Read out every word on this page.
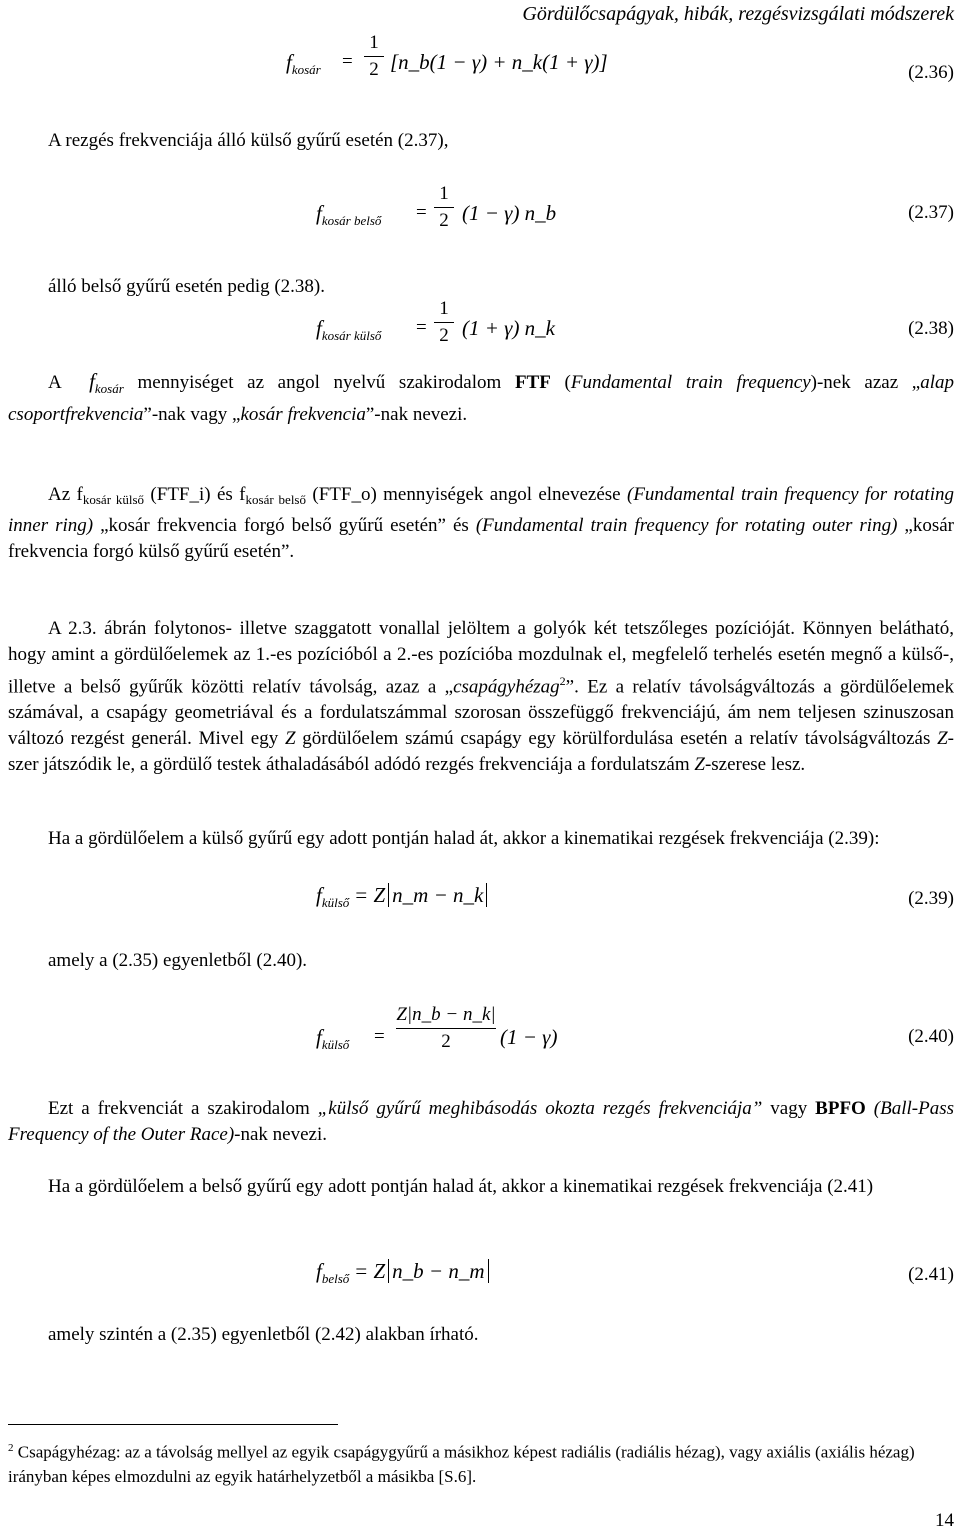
Gördülőcsapágyak, hibák, rezgésvizsgálati módszerek
$f_{kosár}$ =
1
2 [n_b(1 − γ) + n_k(1 + γ)]	(2.36)
A rezgés frekvenciája álló külső gyűrű esetén (2.37),
$f_{kosár belső}$ =
1
2 (1 − γ) n_b	(2.37)
álló belső gyűrű esetén pedig (2.38).
$f_{kosár külső}$ =
1
2 (1 + γ) n_k	(2.38)
A $f_{kosár}$ mennyiséget az angol nyelvű szakirodalom FTF (Fundamental train frequency)-nek azaz „alap csoportfrekvencia”-nak vagy „kosár frekvencia”-nak nevezi.
Az $f_{kosár külső}$ (FTF_i) és $f_{kosár belső}$ (FTF_o) mennyiségek angol elnevezése (Fundamental train frequency for rotating inner ring) „kosár frekvencia forgó belső gyűrű esetén” és (Fundamental train frequency for rotating outer ring) „kosár frekvencia forgó külső gyűrű esetén”.
A 2.3. ábrán folytonos- illetve szaggatott vonallal jelöltem a golyók két tetszőleges pozícióját. Könnyen belátható, hogy amint a gördülőelemek az 1.-es pozícióból a 2.-es pozícióba mozdulnak el, megfelelő terhelés esetén megnő a külső-, illetve a belső gyűrűk közötti relatív távolság, azaz a „csapágyhézag$^2$”. Ez a relatív távolságváltozás a gördülőelemek számával, a csapágy geometriával és a fordulatszámmal szorosan összefüggő frekvenciájú, ám nem teljesen szinuszosan változó rezgést generál. Mivel egy Z gördülőelem számú csapágy egy körülfordulása esetén a relatív távolságváltozás Z-szer játszódik le, a gördülő testek áthaladásából adódó rezgés frekvenciája a fordulatszám Z-szerese lesz.
Ha a gördülőelem a külső gyűrű egy adott pontján halad át, akkor a kinematikai rezgések frekvenciája (2.39):
$f_{külső} = Z$ n_m − n_k	(2.39)
amely a (2.35) egyenletből (2.40).
$f_{külső}$ =
Z|n_b − n_k|
2	(1 − γ)	(2.40)
Ezt a frekvenciát a szakirodalom „külső gyűrű meghibásodás okozta rezgés frekvenciája” vagy BPFO (Ball-Pass Frequency of the Outer Race)-nak nevezi.
Ha a gördülőelem a belső gyűrű egy adott pontján halad át, akkor a kinematikai rezgések frekvenciája (2.41)
$f_{belső} = Z$ n_b − n_m	(2.41)
amely szintén a (2.35) egyenletből (2.42) alakban írható.
$^2$ Csapágyhézag: az a távolság mellyel az egyik csapágygyűrű a másikhoz képest radiális (radiális hézag), vagy axiális (axiális hézag) irányban képes elmozdulni az egyik határhelyzetből a másikba [S.6].
14
